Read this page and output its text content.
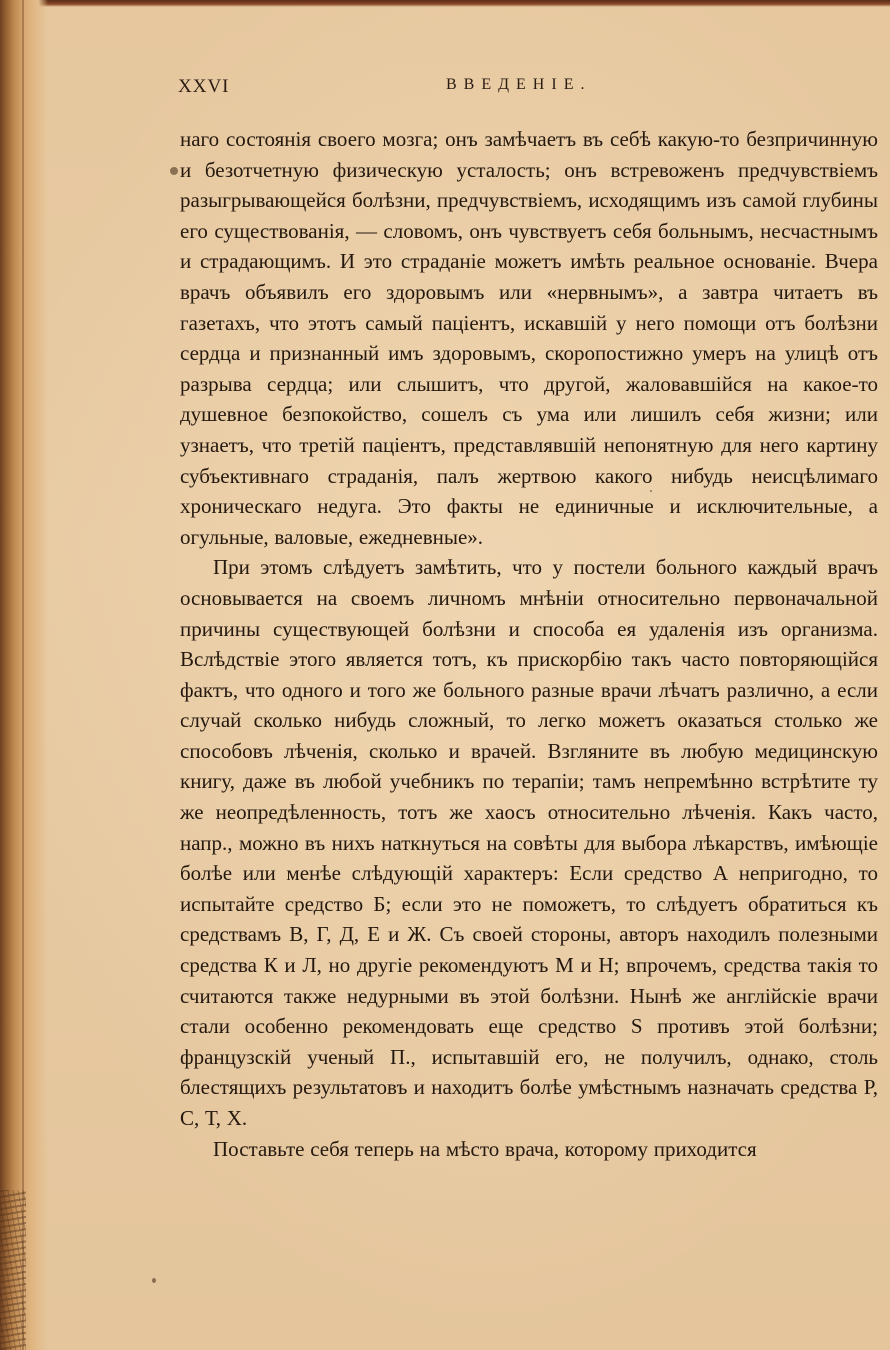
XXVI	ВВЕДЕНІЕ.

наго состоянія своего мозга; онъ замѣчаетъ въ себѣ какую-то безпричинную и безотчетную физическую усталость; онъ встревоженъ предчувствіемъ разыгрывающейся болѣзни, предчувствіемъ, исходящимъ изъ самой глубины его существованія, — словомъ, онъ чувствуетъ себя больнымъ, несчастнымъ и страдающимъ. И это страданіе можетъ имѣть реальное основаніе. Вчера врачъ объявилъ его здоровымъ или «нервнымъ», а завтра читаетъ въ газетахъ, что этотъ самый паціентъ, искавшій у него помощи отъ болѣзни сердца и признанный имъ здоровымъ, скоропостижно умеръ на улицѣ отъ разрыва сердца; или слышитъ, что другой, жаловавшійся на какое-то душевное безпокойство, сошелъ съ ума или лишилъ себя жизни; или узнаетъ, что третій паціентъ, представлявшій непонятную для него картину субъективнаго страданія, палъ жертвою какого нибудь неисцѣлимаго хроническаго недуга. Это факты не единичные и исключительные, а огульные, валовые, ежедневные».

При этомъ слѣдуетъ замѣтить, что у постели больного каждый врачъ основывается на своемъ личномъ мнѣніи относительно первоначальной причины существующей болѣзни и способа ея удаленія изъ организма. Вслѣдствіе этого является тотъ, къ прискорбію такъ часто повторяющійся фактъ, что одного и того же больного разные врачи лѣчатъ различно, а если случай сколько нибудь сложный, то легко можетъ оказаться столько же способовъ лѣченія, сколько и врачей. Взгляните въ любую медицинскую книгу, даже въ любой учебникъ по терапіи; тамъ непремѣнно встрѣтите ту же неопредѣленность, тотъ же хаосъ относительно лѣченія. Какъ часто, напр., можно въ нихъ наткнуться на совѣты для выбора лѣкарствъ, имѣющіе болѣе или менѣе слѣдующій характеръ: Если средство А непригодно, то испытайте средство Б; если это не поможетъ, то слѣдуетъ обратиться къ средствамъ В, Г, Д, Е и Ж. Съ своей стороны, авторъ находилъ полезными средства К и Л, но другіе рекомендуютъ М и Н; впрочемъ, средства такія то считаются также недурными въ этой болѣзни. Нынѣ же англійскіе врачи стали особенно рекомендовать еще средство S противъ этой болѣзни; французскій ученый П., испытавшій его, не получилъ, однако, столь блестящихъ результатовъ и находитъ болѣе умѣстнымъ назначать средства Р, С, Т, Х.

Поставьте себя теперь на мѣсто врача, которому приходится
